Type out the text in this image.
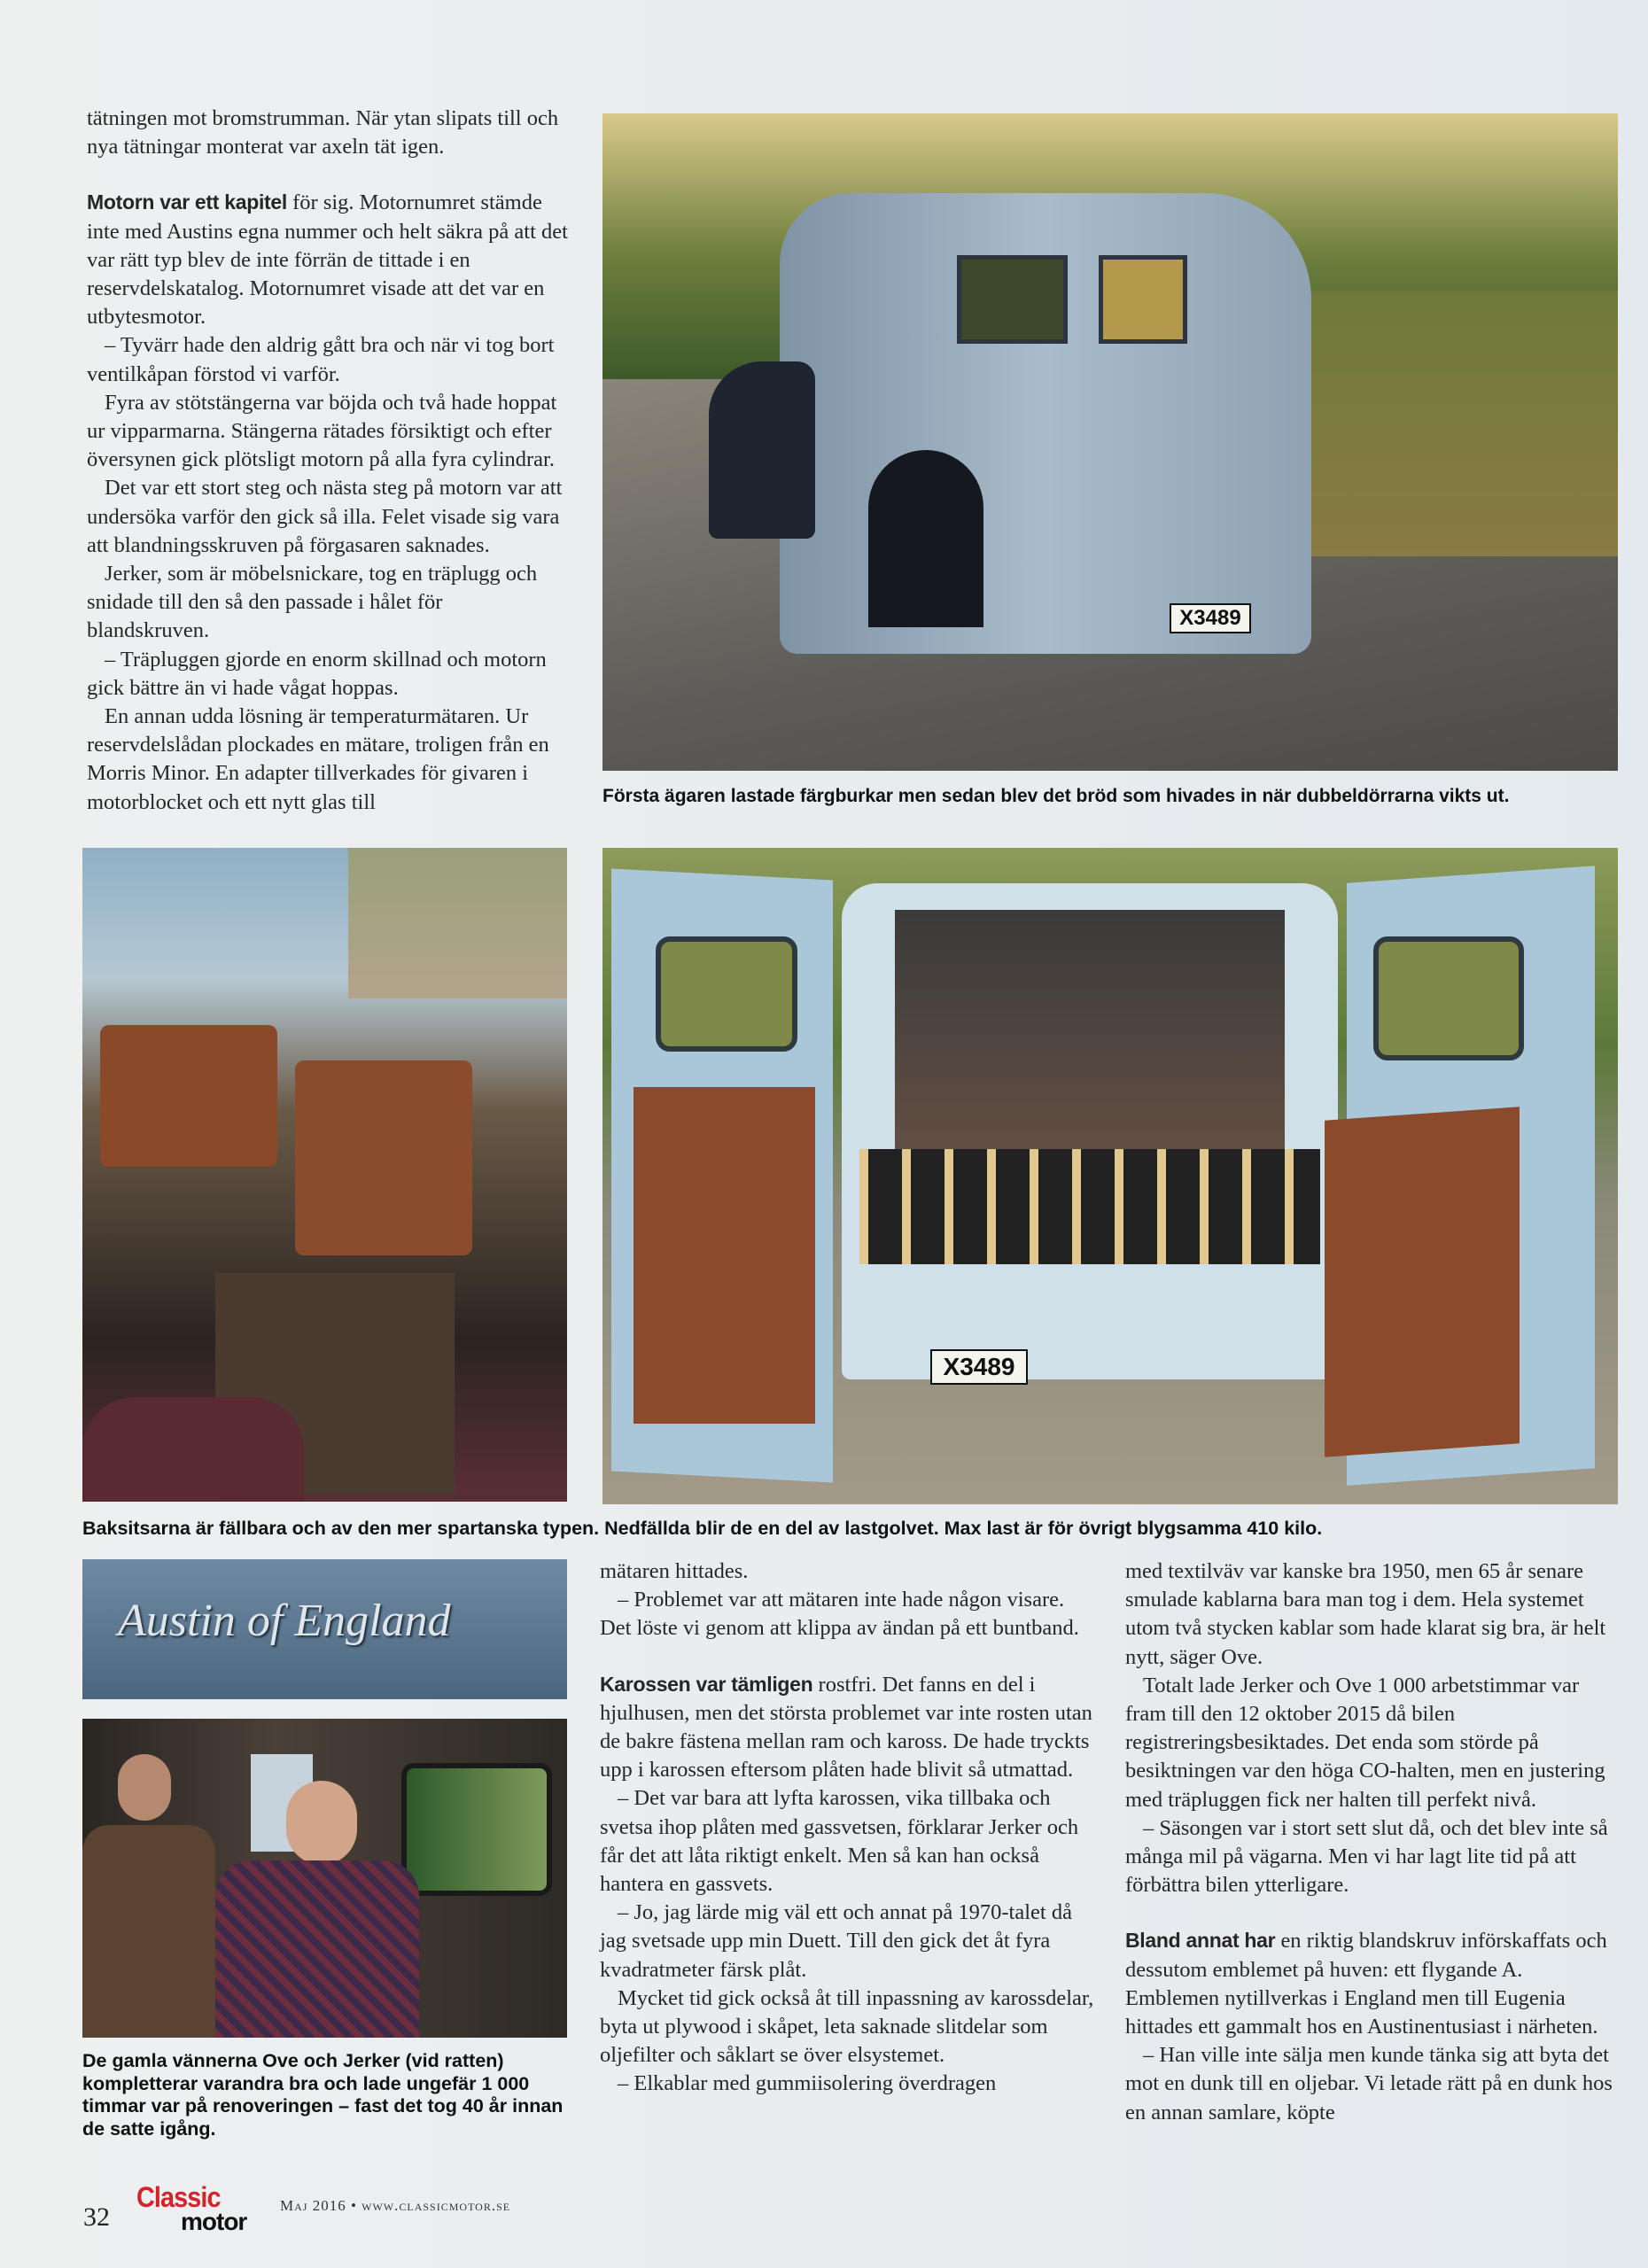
tätningen mot bromstrumman. När ytan slipats till och nya tätningar monterat var axeln tät igen.

Motorn var ett kapitel för sig. Motornumret stämde inte med Austins egna nummer och helt säkra på att det var rätt typ blev de inte förrän de tittade i en reservdelskatalog. Motornumret visade att det var en utbytesmotor.

– Tyvärr hade den aldrig gått bra och när vi tog bort ventilkåpan förstod vi varför.

Fyra av stötstängerna var böjda och två hade hoppat ur vipparmarna. Stängerna rätades försiktigt och efter översynen gick plötsligt motorn på alla fyra cylindrar.

Det var ett stort steg och nästa steg på motorn var att undersöka varför den gick så illa. Felet visade sig vara att blandningsskruven på förgasaren saknades.

Jerker, som är möbelsnickare, tog en träplugg och snidade till den så den passade i hålet för blandskruven.

– Träpluggen gjorde en enorm skillnad och motorn gick bättre än vi hade vågat hoppas.

En annan udda lösning är temperaturmätaren. Ur reservdelslådan plockades en mätare, troligen från en Morris Minor. En adapter tillverkades för givaren i motorblocket och ett nytt glas till

X3489
Första ägaren lastade färgburkar men sedan blev det bröd som hivades in när dubbeldörrarna vikts ut.
X3489
Baksitsarna är fällbara och av den mer spartanska typen. Nedfällda blir de en del av lastgolvet. Max last är för övrigt blygsamma 410 kilo.
Austin of England
De gamla vännerna Ove och Jerker (vid ratten) kompletterar varandra bra och lade ungefär 1 000 timmar var på renoveringen – fast det tog 40 år innan de satte igång.

mätaren hittades.

– Problemet var att mätaren inte hade någon visare. Det löste vi genom att klippa av ändan på ett buntband.

Karossen var tämligen rostfri. Det fanns en del i hjulhusen, men det största problemet var inte rosten utan de bakre fästena mellan ram och kaross. De hade tryckts upp i karossen eftersom plåten hade blivit så utmattad.

– Det var bara att lyfta karossen, vika tillbaka och svetsa ihop plåten med gassvetsen, förklarar Jerker och får det att låta riktigt enkelt. Men så kan han också hantera en gassvets.

– Jo, jag lärde mig väl ett och annat på 1970-talet då jag svetsade upp min Duett. Till den gick det åt fyra kvadratmeter färsk plåt.

Mycket tid gick också åt till inpassning av karossdelar, byta ut plywood i skåpet, leta saknade slitdelar som oljefilter och såklart se över elsystemet.

– Elkablar med gummiisolering överdragen

med textilväv var kanske bra 1950, men 65 år senare smulade kablarna bara man tog i dem. Hela systemet utom två stycken kablar som hade klarat sig bra, är helt nytt, säger Ove.

Totalt lade Jerker och Ove 1 000 arbetstimmar var fram till den 12 oktober 2015 då bilen registreringsbesiktades. Det enda som störde på besiktningen var den höga CO-halten, men en justering med träpluggen fick ner halten till perfekt nivå.

– Säsongen var i stort sett slut då, och det blev inte så många mil på vägarna. Men vi har lagt lite tid på att förbättra bilen ytterligare.

Bland annat har en riktig blandskruv införskaffats och dessutom emblemet på huven: ett flygande A. Emblemen nytillverkas i England men till Eugenia hittades ett gammalt hos en Austinentusiast i närheten.

– Han ville inte sälja men kunde tänka sig att byta det mot en dunk till en oljebar. Vi letade rätt på en dunk hos en annan samlare, köpte

32
Classic
motor
Maj 2016 • www.classicmotor.se
